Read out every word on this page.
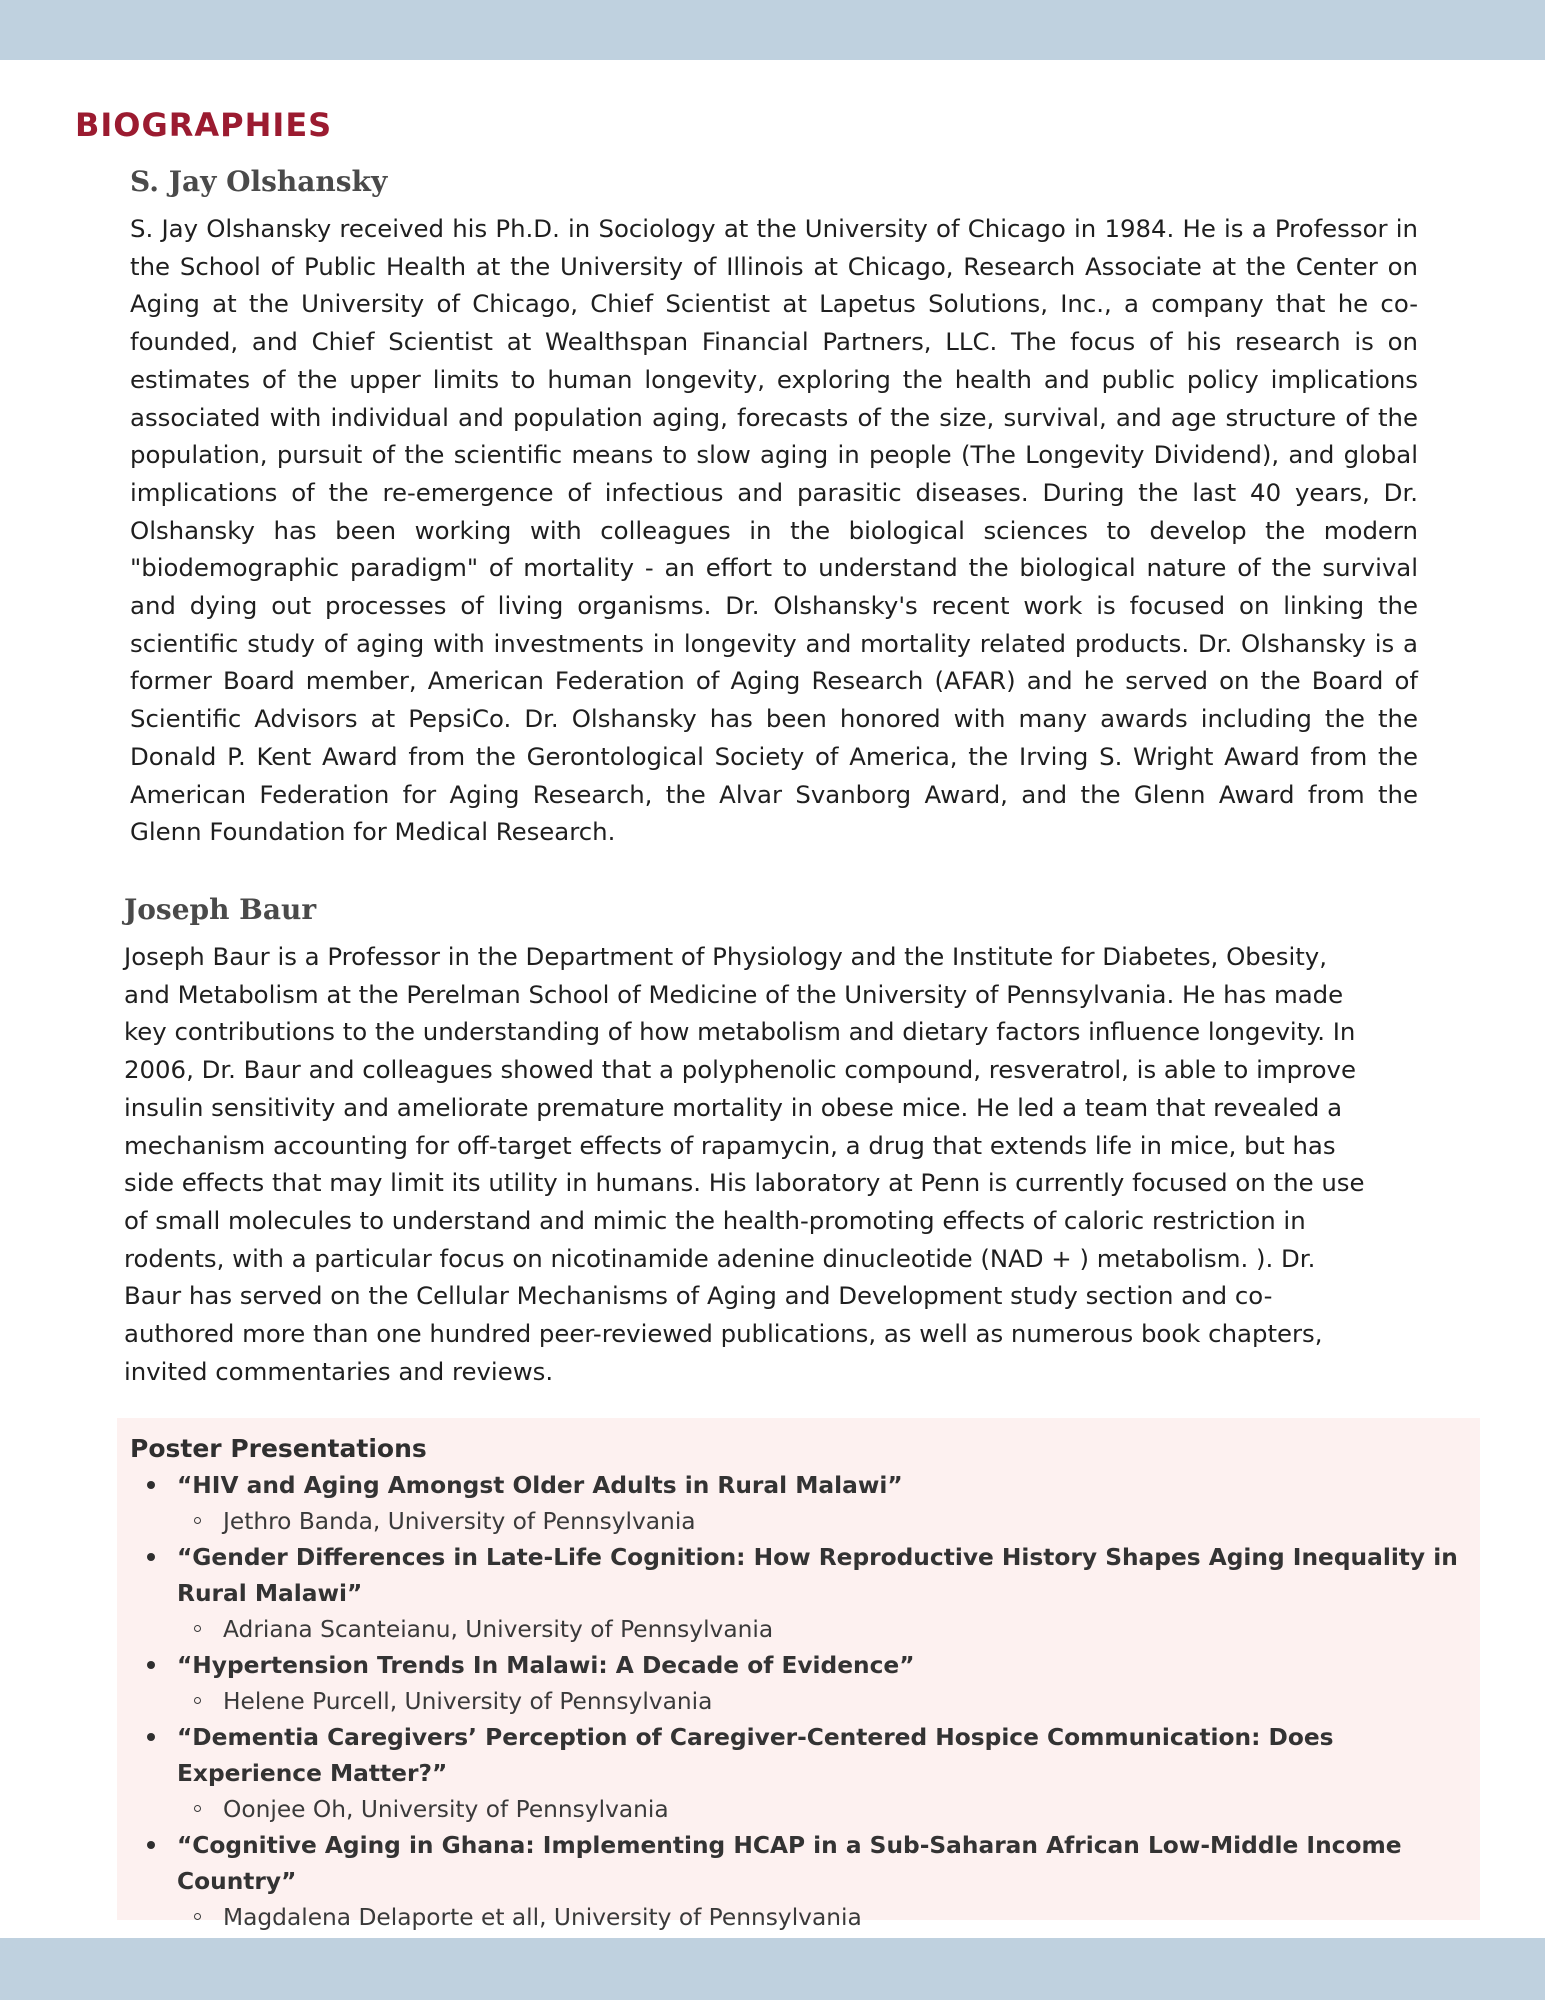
BIOGRAPHIES
S. Jay Olshansky

S. Jay Olshansky received his Ph.D. in Sociology at the University of Chicago in 1984. He is a Professor in the School of Public Health at the University of Illinois at Chicago, Research Associate at the Center on Aging at the University of Chicago, Chief Scientist at Lapetus Solutions, Inc., a company that he co-founded, and Chief Scientist at Wealthspan Financial Partners, LLC. The focus of his research is on estimates of the upper limits to human longevity, exploring the health and public policy implications associated with individual and population aging, forecasts of the size, survival, and age structure of the population, pursuit of the scientific means to slow aging in people (The Longevity Dividend), and global implications of the re-emergence of infectious and parasitic diseases. During the last 40 years, Dr. Olshansky has been working with colleagues in the biological sciences to develop the modern "biodemographic paradigm" of mortality - an effort to understand the biological nature of the survival and dying out processes of living organisms. Dr. Olshansky's recent work is focused on linking the scientific study of aging with investments in longevity and mortality related products. Dr. Olshansky is a former Board member, American Federation of Aging Research (AFAR) and he served on the Board of Scientific Advisors at PepsiCo. Dr. Olshansky has been honored with many awards including the the Donald P. Kent Award from the Gerontological Society of America, the Irving S. Wright Award from the American Federation for Aging Research, the Alvar Svanborg Award, and the Glenn Award from the Glenn Foundation for Medical Research.

Joseph Baur

Joseph Baur is a Professor in the Department of Physiology and the Institute for Diabetes, Obesity, and Metabolism at the Perelman School of Medicine of the University of Pennsylvania. He has made key contributions to the understanding of how metabolism and dietary factors influence longevity. In 2006, Dr. Baur and colleagues showed that a polyphenolic compound, resveratrol, is able to improve insulin sensitivity and ameliorate premature mortality in obese mice. He led a team that revealed a mechanism accounting for off-target effects of rapamycin, a drug that extends life in mice, but has side effects that may limit its utility in humans. His laboratory at Penn is currently focused on the use of small molecules to understand and mimic the health-promoting effects of caloric restriction in rodents, with a particular focus on nicotinamide adenine dinucleotide (NAD + ) metabolism. ). Dr. Baur has served on the Cellular Mechanisms of Aging and Development study section and co-authored more than one hundred peer-reviewed publications, as well as numerous book chapters, invited commentaries and reviews.

Poster Presentations
“HIV and Aging Amongst Older Adults in Rural Malawi”
Jethro Banda, University of Pennsylvania
“Gender Differences in Late-Life Cognition: How Reproductive History Shapes Aging Inequality in Rural Malawi”
Adriana Scanteianu, University of Pennsylvania
“Hypertension Trends In Malawi: A Decade of Evidence”
Helene Purcell, University of Pennsylvania
“Dementia Caregivers’ Perception of Caregiver-Centered Hospice Communication: Does Experience Matter?”
Oonjee Oh, University of Pennsylvania
“Cognitive Aging in Ghana: Implementing HCAP in a Sub-Saharan African Low-Middle Income Country”
Magdalena Delaporte et all, University of Pennsylvania
